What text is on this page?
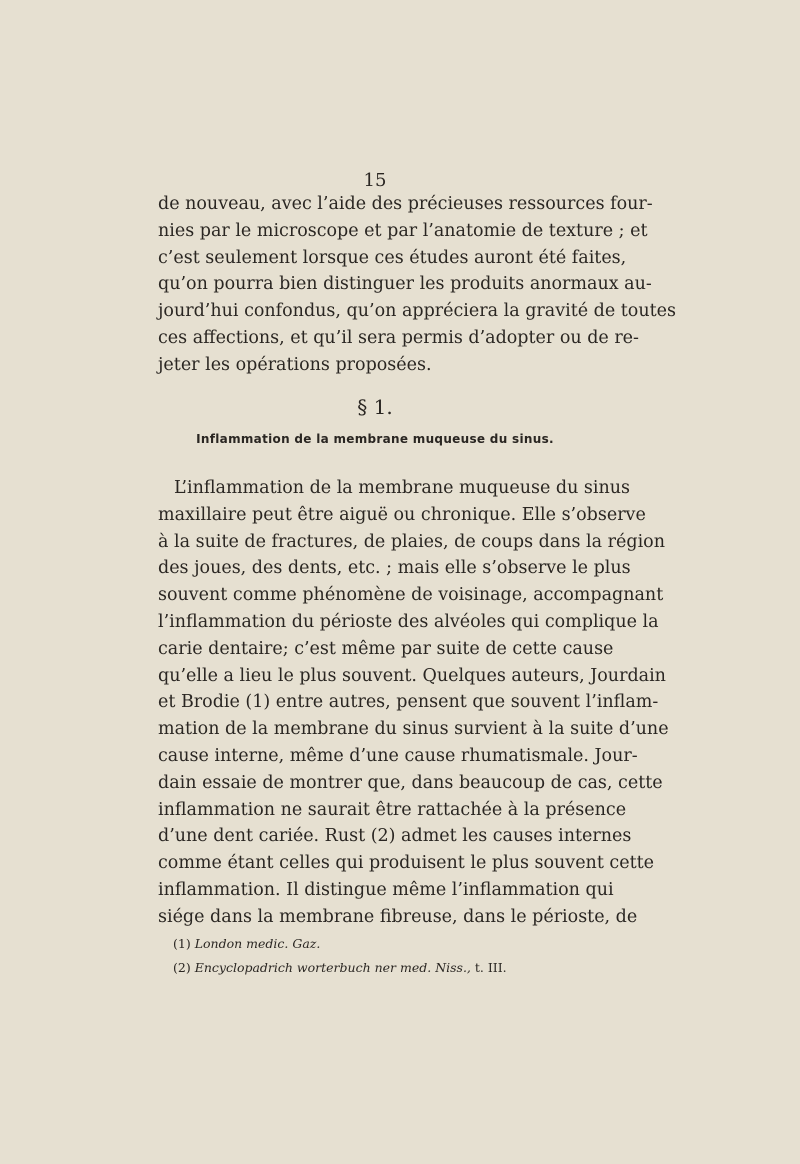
15
de nouveau, avec l’aide des précieuses ressources four-
nies par le microscope et par l’anatomie de texture ; et
c’est seulement lorsque ces études auront été faites,
qu’on pourra bien distinguer les produits anormaux au-
jourd’hui confondus, qu’on appréciera la gravité de toutes
ces affections, et qu’il sera permis d’adopter ou de re-
jeter les opérations proposées.
§ 1.
Inflammation de la membrane muqueuse du sinus.
L’inflammation de la membrane muqueuse du sinus
maxillaire peut être aiguë ou chronique. Elle s’observe
à la suite de fractures, de plaies, de coups dans la région
des joues, des dents, etc. ; mais elle s’observe le plus
souvent comme phénomène de voisinage, accompagnant
l’inflammation du périoste des alvéoles qui complique la
carie dentaire; c’est même par suite de cette cause
qu’elle a lieu le plus souvent. Quelques auteurs, Jourdain
et Brodie (1) entre autres, pensent que souvent l’inflam-
mation de la membrane du sinus survient à la suite d’une
cause interne, même d’une cause rhumatismale. Jour-
dain essaie de montrer que, dans beaucoup de cas, cette
inflammation ne saurait être rattachée à la présence
d’une dent cariée. Rust (2) admet les causes internes
comme étant celles qui produisent le plus souvent cette
inflammation. Il distingue même l’inflammation qui
siége dans la membrane fibreuse, dans le périoste, de
(1) London medic. Gaz.
(2) Encyclopadrich worterbuch ner med. Niss., t. III.
